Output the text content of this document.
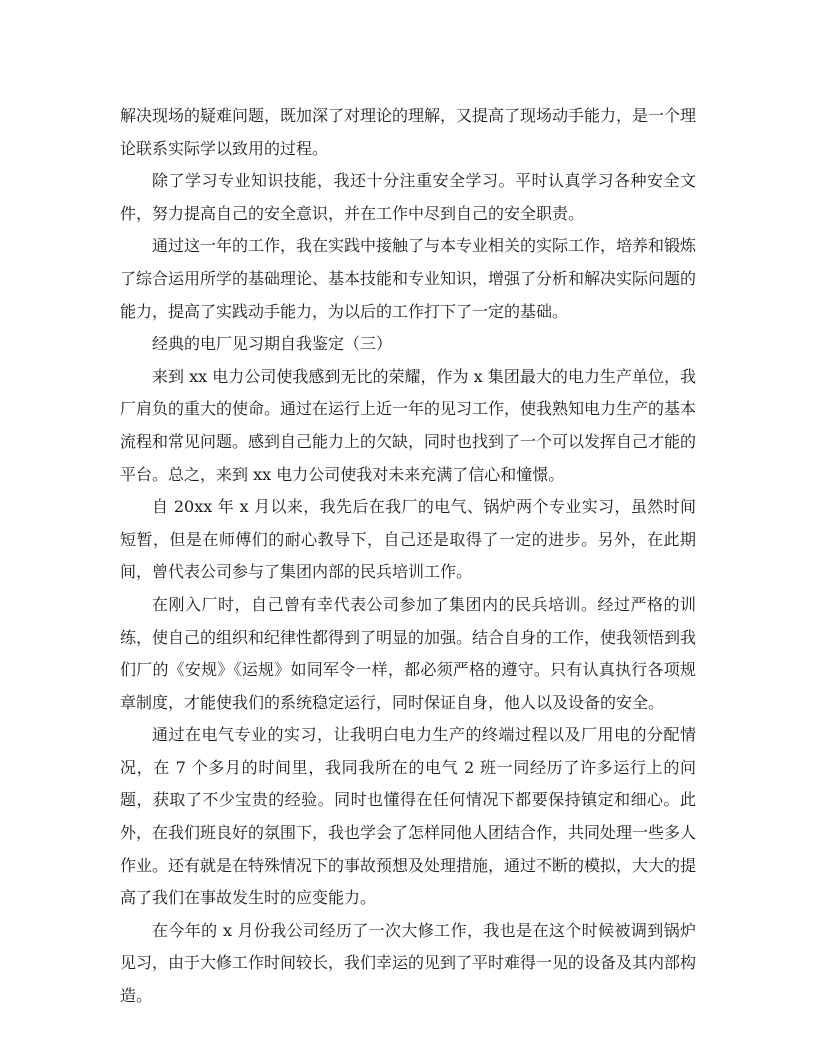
解决现场的疑难问题，既加深了对理论的理解，又提高了现场动手能力，是一个理论联系实际学以致用的过程。

除了学习专业知识技能，我还十分注重安全学习。平时认真学习各种安全文件，努力提高自己的安全意识，并在工作中尽到自己的安全职责。

通过这一年的工作，我在实践中接触了与本专业相关的实际工作，培养和锻炼了综合运用所学的基础理论、基本技能和专业知识，增强了分析和解决实际问题的能力，提高了实践动手能力，为以后的工作打下了一定的基础。

经典的电厂见习期自我鉴定（三）

来到 xx 电力公司使我感到无比的荣耀，作为 x 集团最大的电力生产单位，我厂肩负的重大的使命。通过在运行上近一年的见习工作，使我熟知电力生产的基本流程和常见问题。感到自己能力上的欠缺，同时也找到了一个可以发挥自己才能的平台。总之，来到 xx 电力公司使我对未来充满了信心和憧憬。

自 20xx 年 x 月以来，我先后在我厂的电气、锅炉两个专业实习，虽然时间短暂，但是在师傅们的耐心教导下，自己还是取得了一定的进步。另外，在此期间，曾代表公司参与了集团内部的民兵培训工作。

在刚入厂时，自己曾有幸代表公司参加了集团内的民兵培训。经过严格的训练，使自己的组织和纪律性都得到了明显的加强。结合自身的工作，使我领悟到我们厂的《安规》《运规》如同军令一样，都必须严格的遵守。只有认真执行各项规章制度，才能使我们的系统稳定运行，同时保证自身，他人以及设备的安全。

通过在电气专业的实习，让我明白电力生产的终端过程以及厂用电的分配情况，在 7 个多月的时间里，我同我所在的电气 2 班一同经历了许多运行上的问题，获取了不少宝贵的经验。同时也懂得在任何情况下都要保持镇定和细心。此外，在我们班良好的氛围下，我也学会了怎样同他人团结合作，共同处理一些多人作业。还有就是在特殊情况下的事故预想及处理措施，通过不断的模拟，大大的提高了我们在事故发生时的应变能力。

在今年的 x 月份我公司经历了一次大修工作，我也是在这个时候被调到锅炉见习，由于大修工作时间较长，我们幸运的见到了平时难得一见的设备及其内部构造。
